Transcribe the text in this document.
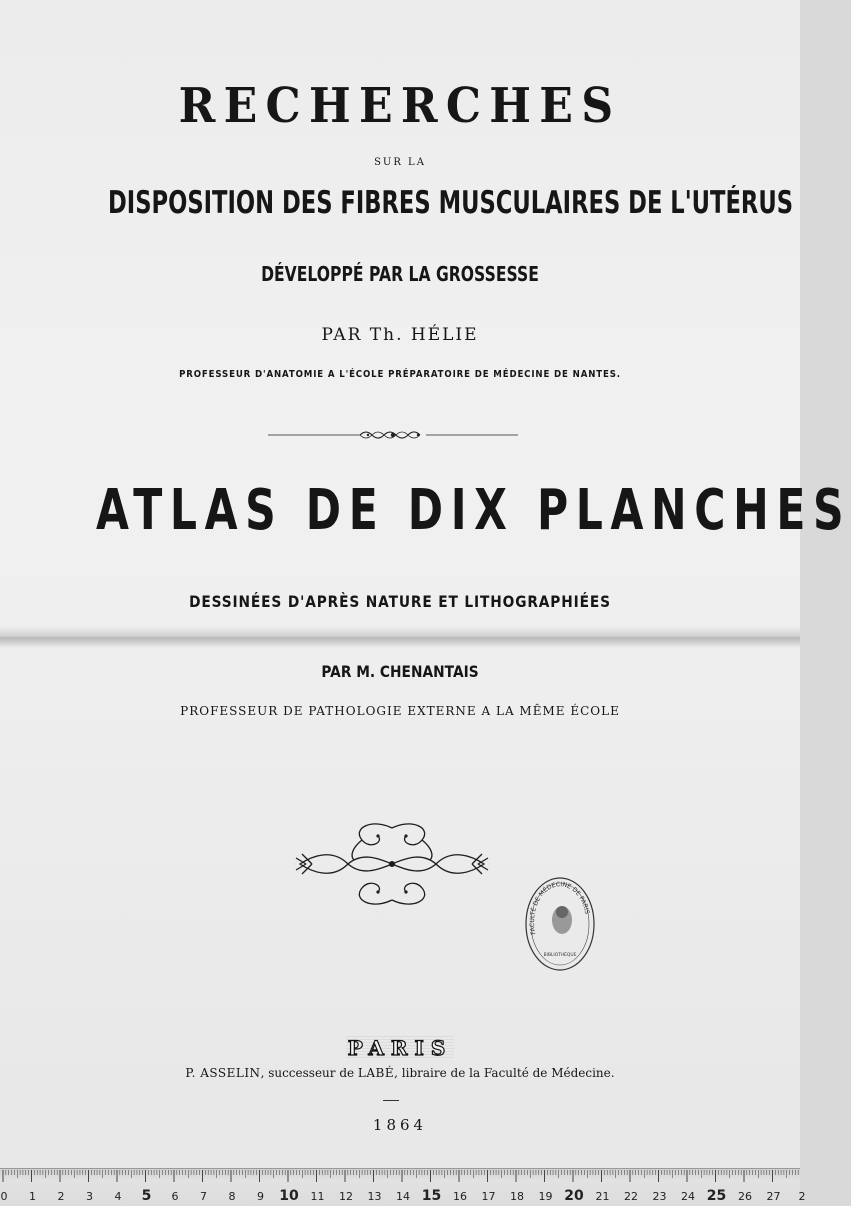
RECHERCHES
SUR LA
DISPOSITION DES FIBRES MUSCULAIRES DE L'UTÉRUS
DÉVELOPPÉ PAR LA GROSSESSE
PAR Th. HÉLIE
PROFESSEUR D'ANATOMIE A L'ÉCOLE PRÉPARATOIRE DE MÉDECINE DE NANTES.
ATLAS DE DIX PLANCHES
DESSINÉES D'APRÈS NATURE ET LITHOGRAPHIÉES
PAR M. CHENANTAIS
PROFESSEUR DE PATHOLOGIE EXTERNE A LA MÊME ÉCOLE
FACULTÉ DE MÉDECINE DE PARIS
BIBLIOTHÈQUE
PARIS
P. ASSELIN, successeur de LABÉ, libraire de la Faculté de Médecine.
1864
0 1 2 3 4 5 6 7 8 9 10 11 12 13 14 15 16 17 18 19 20 21 22 23 24 25 26 27 2
